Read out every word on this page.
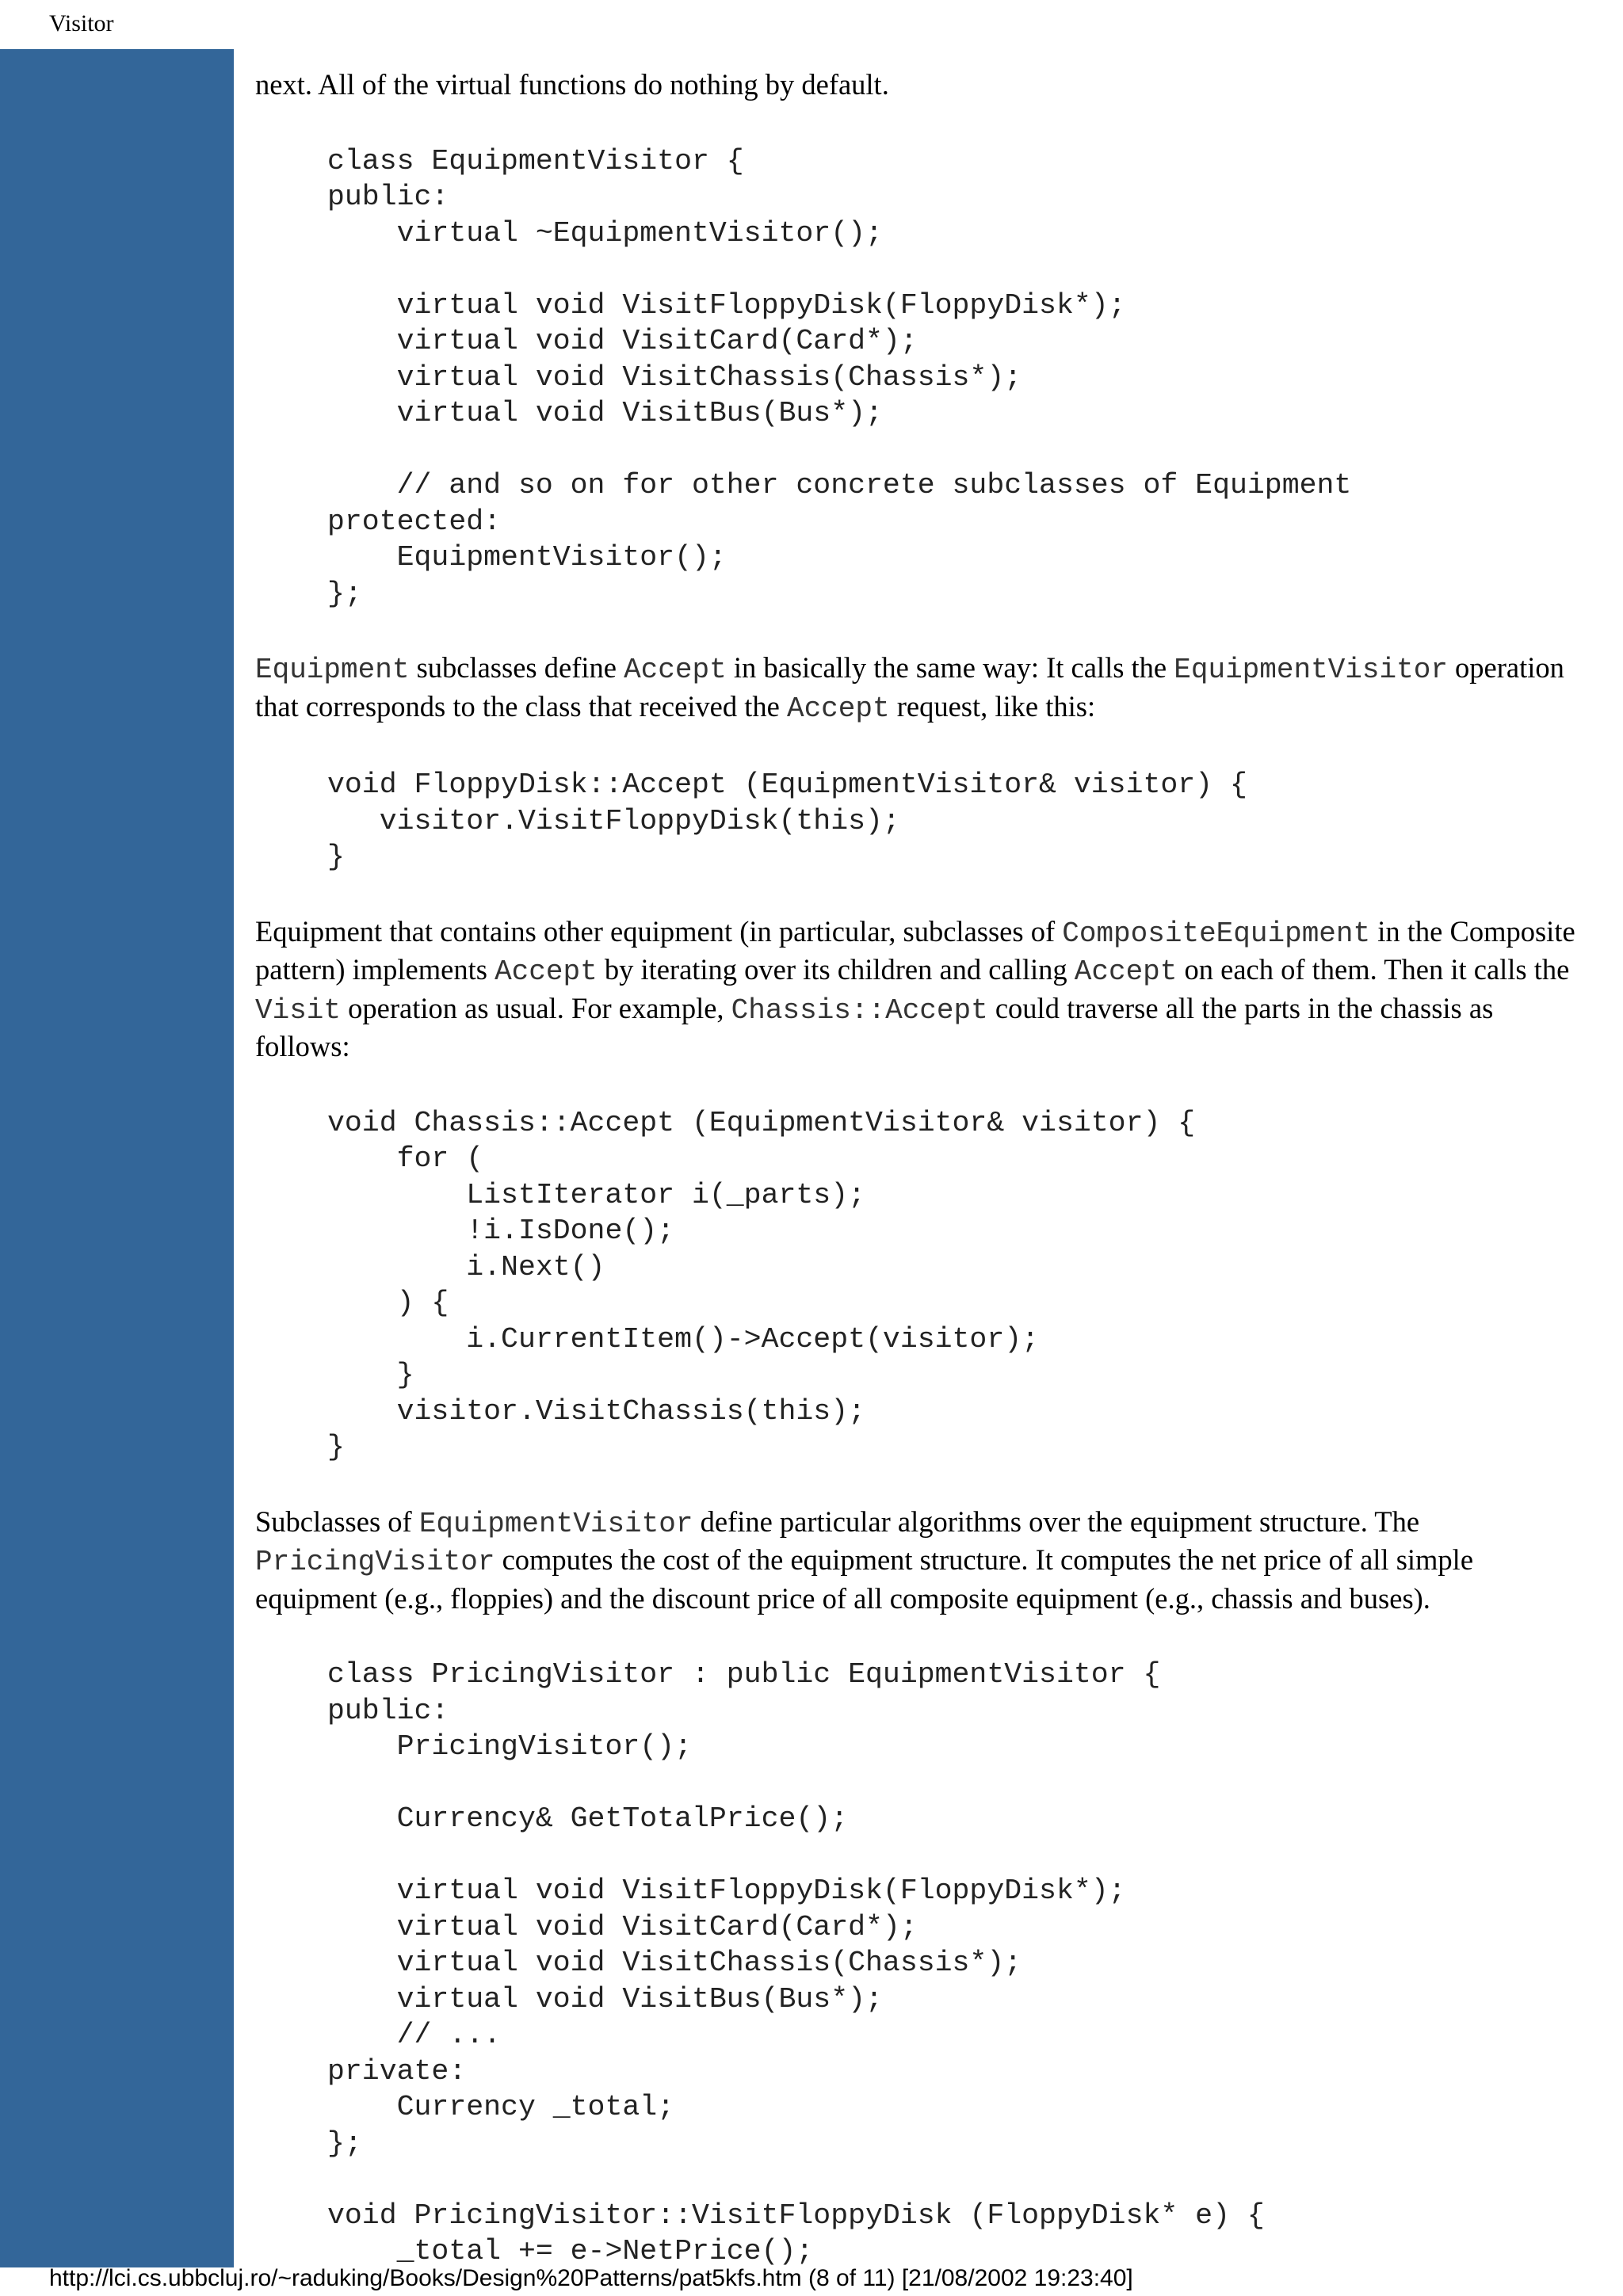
Visitor

next. All of the virtual functions do nothing by default.

class EquipmentVisitor {
public:
virtual ~EquipmentVisitor();

virtual void VisitFloppyDisk(FloppyDisk*);
virtual void VisitCard(Card*);
virtual void VisitChassis(Chassis*);
virtual void VisitBus(Bus*);

// and so on for other concrete subclasses of Equipment
protected:
EquipmentVisitor();
};

Equipment subclasses define Accept in basically the same way: It calls the EquipmentVisitor operation that corresponds to the class that received the Accept request, like this:

void FloppyDisk::Accept (EquipmentVisitor& visitor) {
visitor.VisitFloppyDisk(this);
}

Equipment that contains other equipment (in particular, subclasses of CompositeEquipment in the Composite pattern) implements Accept by iterating over its children and calling Accept on each of them. Then it calls the Visit operation as usual. For example, Chassis::Accept could traverse all the parts in the chassis as follows:

void Chassis::Accept (EquipmentVisitor& visitor) {
for (
ListIterator i(_parts);
!i.IsDone();
i.Next()
) {
i.CurrentItem()->Accept(visitor);
}
visitor.VisitChassis(this);
}

Subclasses of EquipmentVisitor define particular algorithms over the equipment structure. The PricingVisitor computes the cost of the equipment structure. It computes the net price of all simple equipment (e.g., floppies) and the discount price of all composite equipment (e.g., chassis and buses).

class PricingVisitor : public EquipmentVisitor {
public:
PricingVisitor();

Currency& GetTotalPrice();

virtual void VisitFloppyDisk(FloppyDisk*);
virtual void VisitCard(Card*);
virtual void VisitChassis(Chassis*);
virtual void VisitBus(Bus*);
// ...
private:
Currency _total;
};

void PricingVisitor::VisitFloppyDisk (FloppyDisk* e) {
_total += e->NetPrice();
http://lci.cs.ubbcluj.ro/~raduking/Books/Design%20Patterns/pat5kfs.htm (8 of 11) [21/08/2002 19:23:40]
